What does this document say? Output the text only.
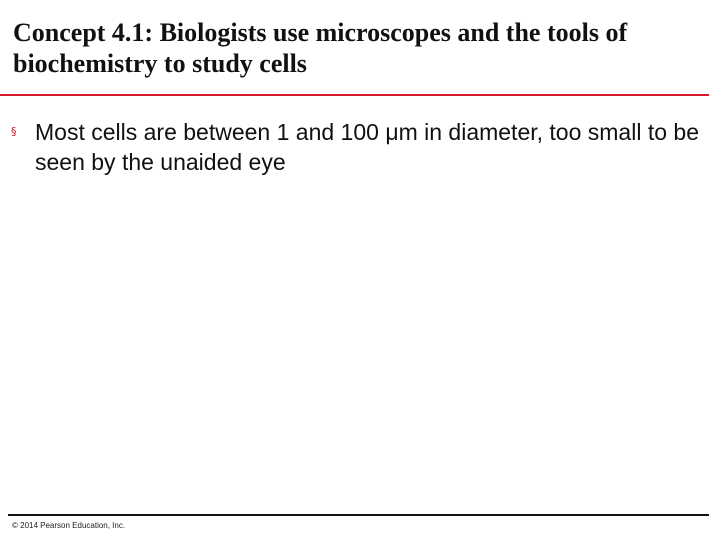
Concept 4.1: Biologists use microscopes and the tools of biochemistry to study cells
§ Most cells are between 1 and 100 μm in diameter, too small to be seen by the unaided eye
© 2014 Pearson Education, Inc.
